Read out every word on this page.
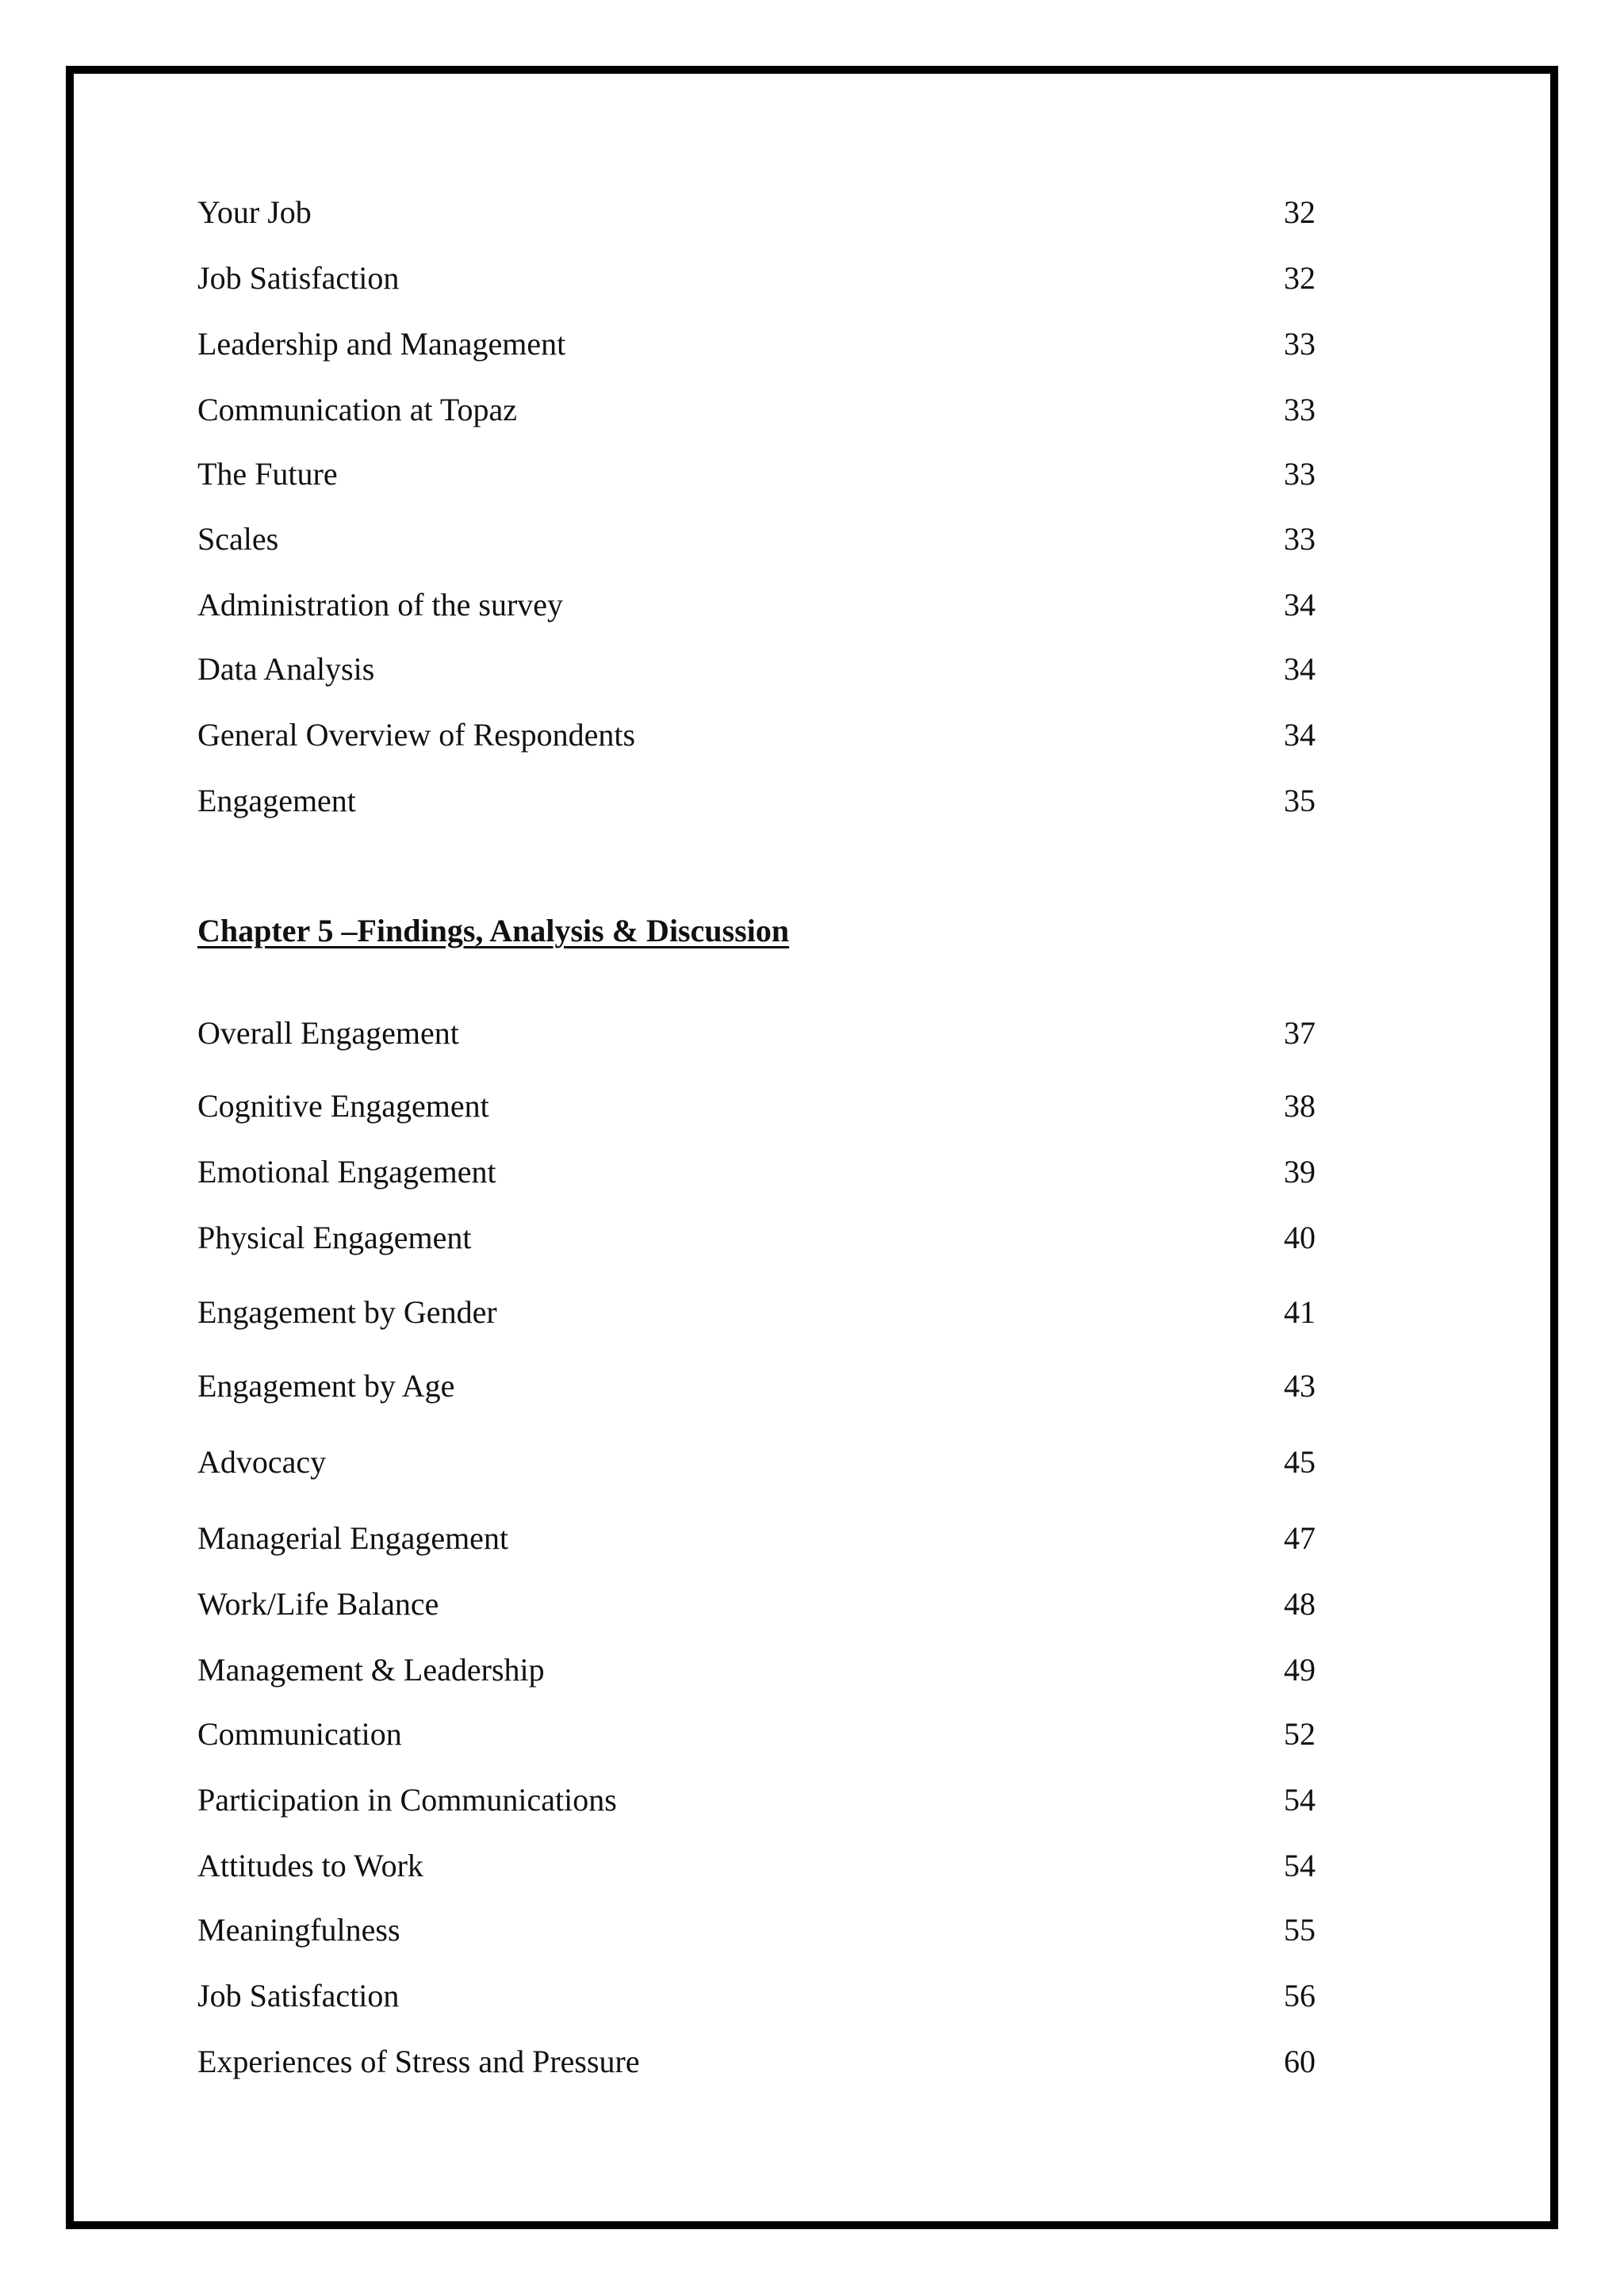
Your Job	32
Job Satisfaction	32
Leadership and Management	33
Communication at Topaz	33
The Future	33
Scales	33
Administration of the survey	34
Data Analysis	34
General Overview of Respondents	34
Engagement	35
Chapter 5 –Findings, Analysis & Discussion
Overall Engagement	37
Cognitive Engagement	38
Emotional Engagement	39
Physical Engagement	40
Engagement by Gender	41
Engagement by Age	43
Advocacy	45
Managerial Engagement	47
Work/Life Balance	48
Management & Leadership	49
Communication	52
Participation in Communications	54
Attitudes to Work	54
Meaningfulness	55
Job Satisfaction	56
Experiences of Stress and Pressure	60
